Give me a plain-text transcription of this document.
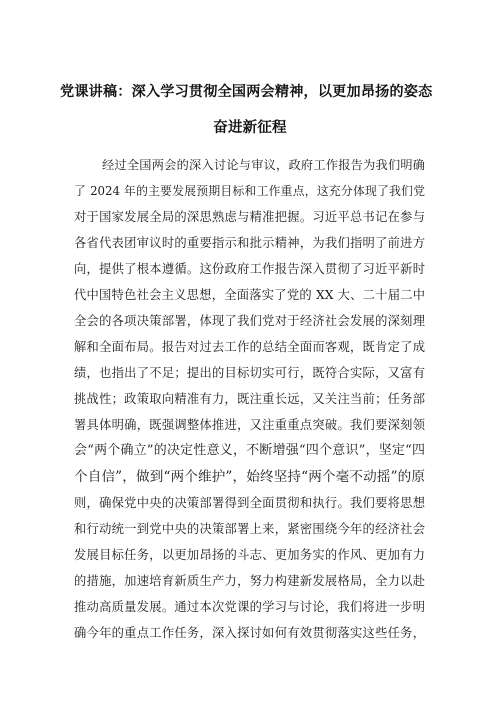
党课讲稿：深入学习贯彻全国两会精神，以更加昂扬的姿态
奋进新征程
经过全国两会的深入讨论与审议，政府工作报告为我们明确
了 2024 年的主要发展预期目标和工作重点，这充分体现了我们党
对于国家发展全局的深思熟虑与精准把握。习近平总书记在参与
各省代表团审议时的重要指示和批示精神，为我们指明了前进方
向，提供了根本遵循。这份政府工作报告深入贯彻了习近平新时
代中国特色社会主义思想，全面落实了党的 XX 大、二十届二中
全会的各项决策部署，体现了我们党对于经济社会发展的深刻理
解和全面布局。报告对过去工作的总结全面而客观，既肯定了成
绩，也指出了不足；提出的目标切实可行，既符合实际，又富有
挑战性；政策取向精准有力，既注重长远，又关注当前；任务部
署具体明确，既强调整体推进，又注重重点突破。我们要深刻领
会“两个确立”的决定性意义，不断增强“四个意识”，坚定“四
个自信”，做到“两个维护”，始终坚持“两个毫不动摇”的原
则，确保党中央的决策部署得到全面贯彻和执行。我们要将思想
和行动统一到党中央的决策部署上来，紧密围绕今年的经济社会
发展目标任务，以更加昂扬的斗志、更加务实的作风、更加有力
的措施，加速培育新质生产力，努力构建新发展格局，全力以赴
推动高质量发展。通过本次党课的学习与讨论，我们将进一步明
确今年的重点工作任务，深入探讨如何有效贯彻落实这些任务，
